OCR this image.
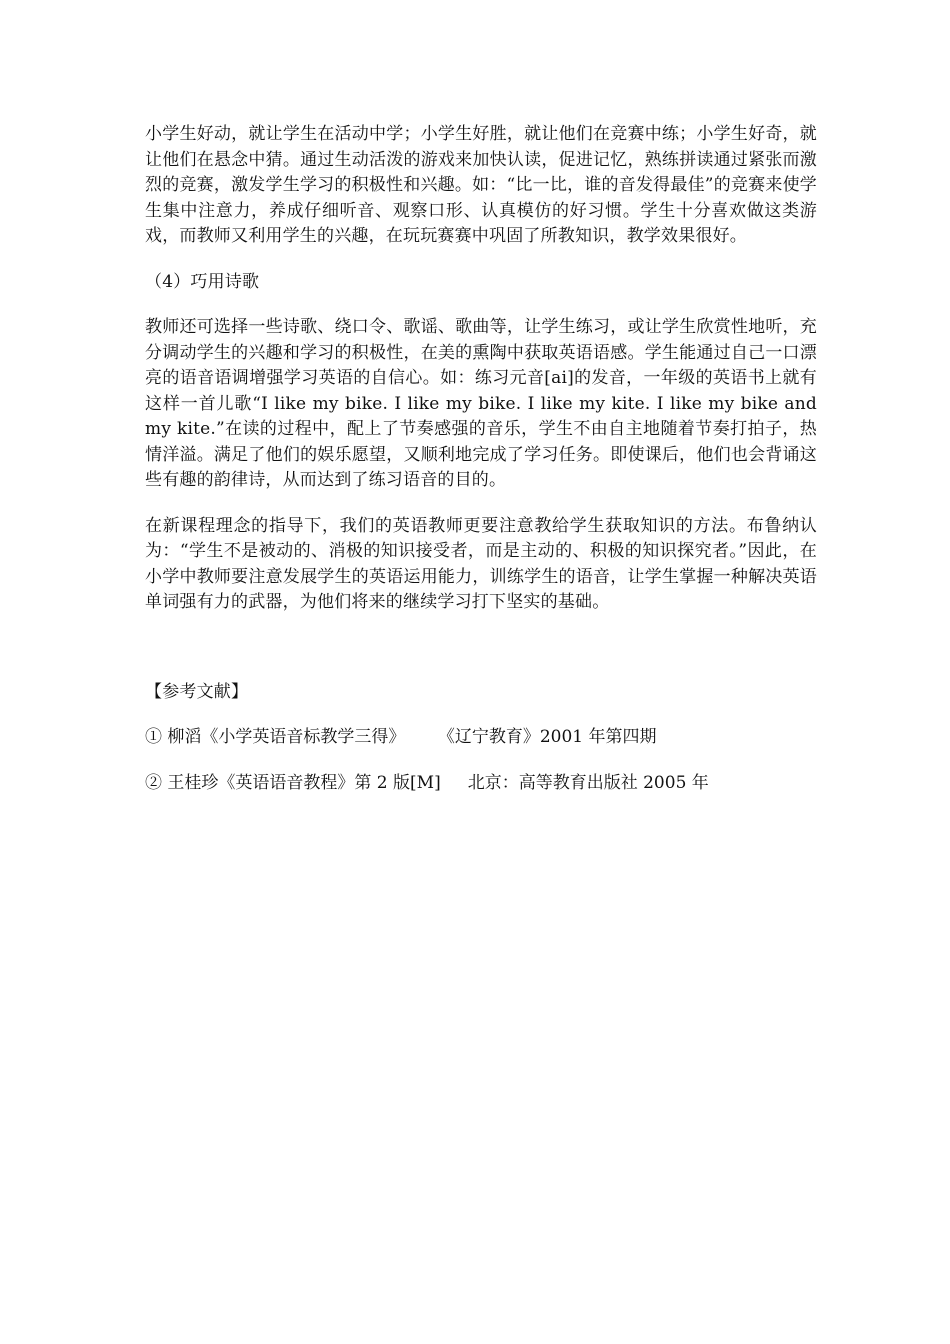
小学生好动，就让学生在活动中学；小学生好胜，就让他们在竞赛中练；小学生好奇，就让他们在悬念中猜。通过生动活泼的游戏来加快认读，促进记忆，熟练拼读通过紧张而激烈的竞赛，激发学生学习的积极性和兴趣。如：“比一比，谁的音发得最佳”的竞赛来使学生集中注意力，养成仔细听音、观察口形、认真模仿的好习惯。学生十分喜欢做这类游戏，而教师又利用学生的兴趣，在玩玩赛赛中巩固了所教知识，教学效果很好。

（4）巧用诗歌

教师还可选择一些诗歌、绕口令、歌谣、歌曲等，让学生练习，或让学生欣赏性地听，充分调动学生的兴趣和学习的积极性，在美的熏陶中获取英语语感。学生能通过自己一口漂亮的语音语调增强学习英语的自信心。如：练习元音[ai]的发音，一年级的英语书上就有这样一首儿歌“I like my bike. I like my bike. I like my kite. I like my bike and my kite.”在读的过程中，配上了节奏感强的音乐，学生不由自主地随着节奏打拍子，热情洋溢。满足了他们的娱乐愿望，又顺利地完成了学习任务。即使课后，他们也会背诵这些有趣的韵律诗，从而达到了练习语音的目的。

在新课程理念的指导下，我们的英语教师更要注意教给学生获取知识的方法。布鲁纳认为：“学生不是被动的、消极的知识接受者，而是主动的、积极的知识探究者。”因此，在小学中教师要注意发展学生的英语运用能力，训练学生的语音，让学生掌握一种解决英语单词强有力的武器，为他们将来的继续学习打下坚实的基础。

【参考文献】

① 柳滔《小学英语音标教学三得》      《辽宁教育》2001 年第四期

② 王桂珍《英语语音教程》第 2 版[M]     北京：高等教育出版社 2005 年
